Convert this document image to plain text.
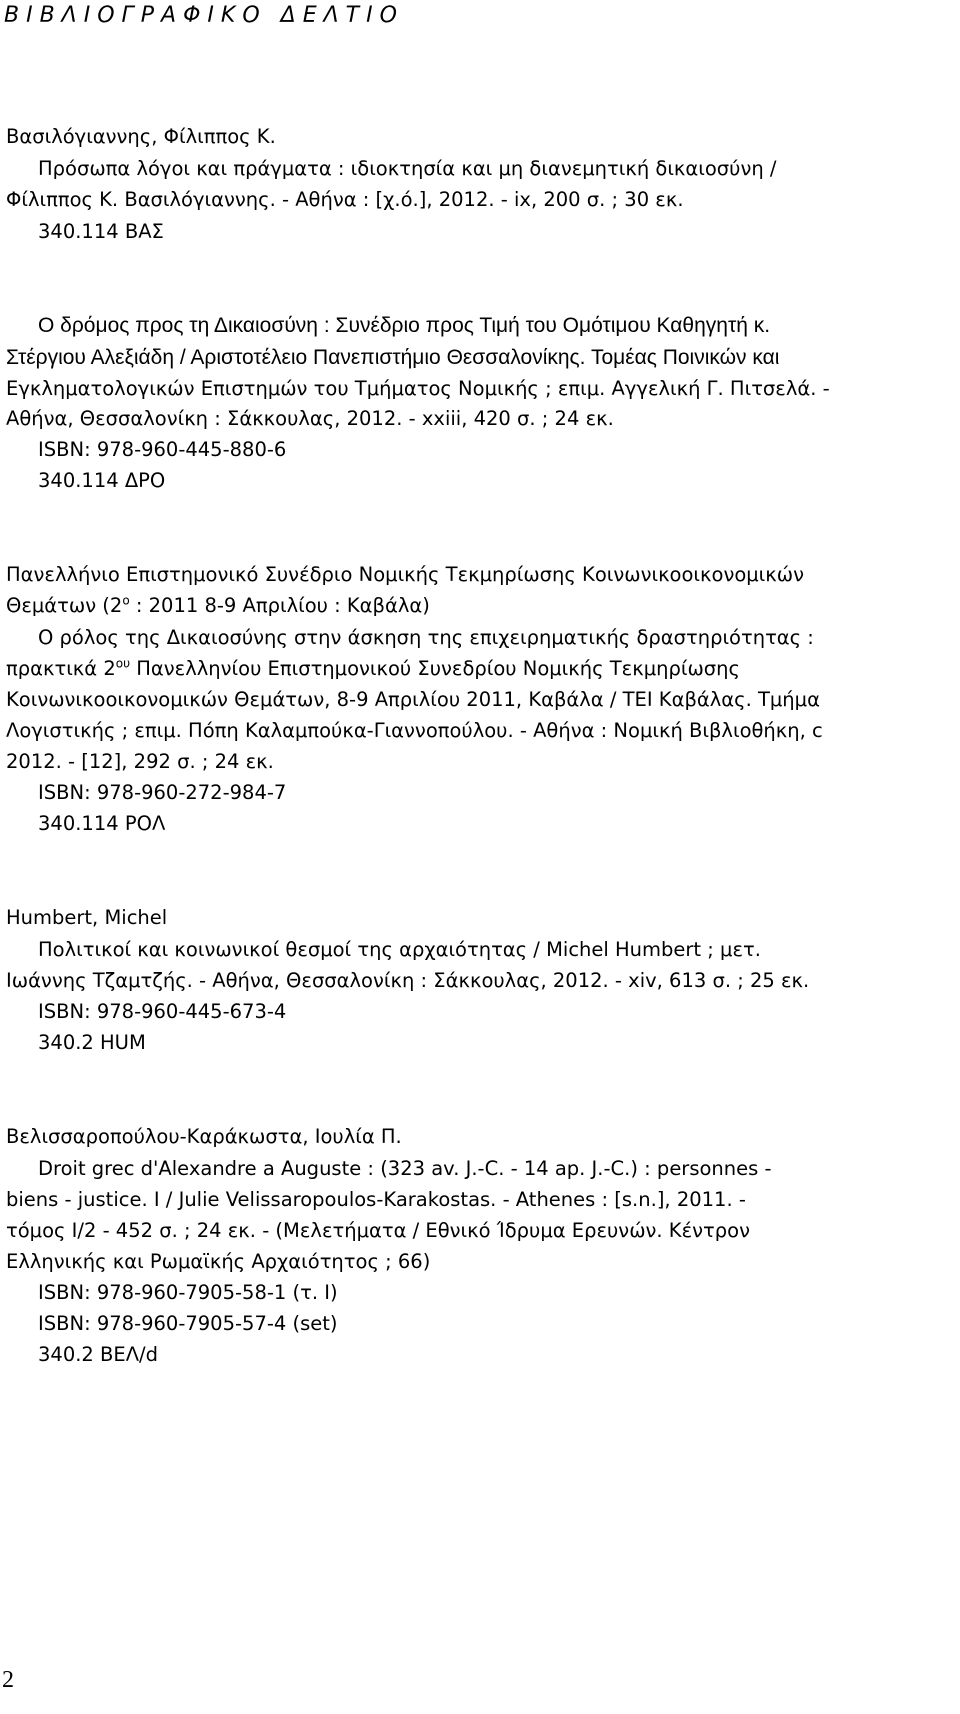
ΒΙΒΛΙΟΓΡΑΦΙΚΟ ΔΕΛΤΙΟ
Βασιλόγιαννης, Φίλιππος Κ.
Πρόσωπα λόγοι και πράγματα : ιδιοκτησία και μη διανεμητική δικαιοσύνη /
Φίλιππος Κ. Βασιλόγιαννης. - Αθήνα : [χ.ό.], 2012. - ix, 200 σ. ; 30 εκ.
340.114 ΒΑΣ
Ο δρόμος προς τη Δικαιοσύνη : Συνέδριο προς Τιμή του Ομότιμου Καθηγητή κ.
Στέργιου Αλεξιάδη / Αριστοτέλειο Πανεπιστήμιο Θεσσαλονίκης. Τομέας Ποινικών και
Εγκληματολογικών Επιστημών του Τμήματος Νομικής ; επιμ. Αγγελική Γ. Πιτσελά. -
Αθήνα, Θεσσαλονίκη : Σάκκουλας, 2012. - xxiii, 420 σ. ; 24 εκ.
ISBN: 978-960-445-880-6
340.114 ΔΡΟ
Πανελλήνιο Επιστημονικό Συνέδριο Νομικής Τεκμηρίωσης Κοινωνικοοικονομικών
Θεμάτων ($2^o$ : 2011 8-9 Απριλίου : Καβάλα)
Ο ρόλος της Δικαιοσύνης στην άσκηση της επιχειρηματικής δραστηριότητας :
πρακτικά $2^{o\upsilon}$ Πανελληνίου Επιστημονικού Συνεδρίου Νομικής Τεκμηρίωσης
Κοινωνικοοικονομικών Θεμάτων, 8-9 Απριλίου 2011, Καβάλα / ΤΕΙ Καβάλας. Τμήμα
Λογιστικής ; επιμ. Πόπη Καλαμπούκα-Γιαννοπούλου. - Αθήνα : Νομική Βιβλιοθήκη, c
2012. - [12], 292 σ. ; 24 εκ.
ISBN: 978-960-272-984-7
340.114 ΡΟΛ
Humbert, Michel
Πολιτικοί και κοινωνικοί θεσμοί της αρχαιότητας / Michel Humbert ; μετ.
Ιωάννης Τζαμτζής. - Αθήνα, Θεσσαλονίκη : Σάκκουλας, 2012. - xiv, 613 σ. ; 25 εκ.
ISBN: 978-960-445-673-4
340.2 HUM
Βελισσαροπούλου-Καράκωστα, Ιουλία Π.
Droit grec d'Alexandre a Auguste : (323 av. J.-C. - 14 ap. J.-C.) : personnes -
biens - justice. I / Julie Velissaropoulos-Karakostas. - Athenes : [s.n.], 2011. -
τόμος I/2 - 452 σ. ; 24 εκ. - (Μελετήματα / Εθνικό Ίδρυμα Ερευνών. Κέντρον
Ελληνικής και Ρωμαϊκής Αρχαιότητος ; 66)
ISBN: 978-960-7905-58-1 (τ. I)
ISBN: 978-960-7905-57-4 (set)
340.2 ΒΕΛ/d
2
